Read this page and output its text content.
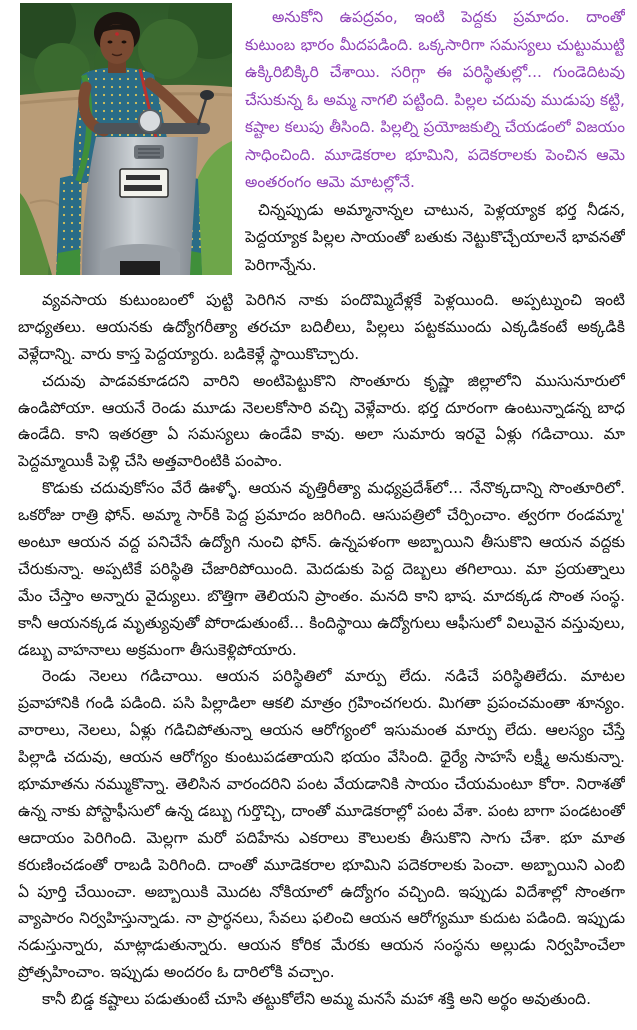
అనుకోని ఉపద్రవం, ఇంటి పెద్దకు ప్రమాదం. దాంతో
కుటుంబ భారం మీదపడింది. ఒక్కసారిగా సమస్యలు చుట్టుముట్టి
ఉక్కిరిబిక్కిరి చేశాయి. సరిగ్గా ఈ పరిస్థితుల్లో... గుండెదిటవు
చేసుకున్న ఓ అమ్మ నాగలి పట్టింది. పిల్లల చదువు ముడుపు కట్టి,
కష్టాల కలుపు తీసింది. పిల్లల్ని ప్రయోజకుల్ని చేయడంలో విజయం
సాధించింది. మూడెకరాల భూమిని, పదెకరాలకు పెంచిన ఆమె
అంతరంగం ఆమె మాటల్లోనే.
చిన్నప్పుడు అమ్మానాన్నల చాటున, పెళ్లయ్యాక భర్త నీడన,
పెద్దయ్యాక పిల్లల సాయంతో బతుకు నెట్టుకొచ్చేయాలనే భావనతో
పెరిగాన్నేను.
వ్యవసాయ కుటుంబంలో పుట్టి పెరిగిన నాకు పందొమ్మిదేళ్లకే పెళ్లయింది. అప్పట్నుంచి ఇంటి
బాధ్యతలు. ఆయనకు ఉద్యోగరీత్యా తరచూ బదిలీలు, పిల్లలు పట్టకముందు ఎక్కడికంటే అక్కడికి
వెళ్లేదాన్ని. వారు కాస్త పెద్దయ్యారు. బడికెళ్లే స్థాయికొచ్చారు.
చదువు పాడవకూడదని వారిని అంటిపెట్టుకొని సొంతూరు కృష్ణా జిల్లాలోని ముసునూరులో
ఉండిపోయా. ఆయనే రెండు మూడు నెలలకోసారి వచ్చి వెళ్లేవారు. భర్త దూరంగా ఉంటున్నాడన్న బాధ
ఉండేది. కాని ఇతరత్రా ఏ సమస్యలు ఉండేవి కావు. అలా సుమారు ఇరవై ఏళ్లు గడిచాయి. మా
పెద్దమ్మాయికీ పెళ్లి చేసి అత్తవారింటికి పంపాం.
కొడుకు చదువుకోసం వేరే ఊళ్ళో. ఆయన వృత్తిరీత్యా మధ్యప్రదేశ్‌లో... నేనొక్కదాన్ని సొంతూరిలో.
ఒకరోజు రాత్రి ఫోన్. అమ్మా సార్‌కి పెద్ద ప్రమాదం జరిగింది. ఆసుపత్రిలో చేర్పించాం. త్వరగా రండమ్మా'
అంటూ ఆయన వద్ద పనిచేసే ఉద్యోగి నుంచి ఫోన్. ఉన్నపళంగా అబ్బాయిని తీసుకొని ఆయన వద్దకు
చేరుకున్నా. అప్పటికే పరిస్థితి చేజారిపోయింది. మెదడుకు పెద్ద దెబ్బలు తగిలాయి. మా ప్రయత్నాలు
మేం చేస్తాం అన్నారు వైద్యులు. బొత్తిగా తెలియని ప్రాంతం. మనది కాని భాష. మాదక్కడ సొంత సంస్థ.
కానీ ఆయనక్కడ మృత్యువుతో పోరాడుతుంటే... కిందిస్థాయి ఉద్యోగులు ఆఫీసులో విలువైన వస్తువులు,
డబ్బు వాహనాలు అక్రమంగా తీసుకెళ్లిపోయారు.
రెండు నెలలు గడిచాయి. ఆయన పరిస్థితిలో మార్పు లేదు. నడిచే పరిస్థితిలేదు. మాటల
ప్రవాహానికి గండి పడింది. పసి పిల్లాడిలా ఆకలి మాత్రం గ్రహించగలరు. మిగతా ప్రపంచమంతా శూన్యం.
వారాలు, నెలలు, ఏళ్లు గడిచిపోతున్నా ఆయన ఆరోగ్యంలో ఇసుమంత మార్పు లేదు. ఆలస్యం చేస్తే
పిల్లాడి చదువు, ఆయన ఆరోగ్యం కుంటుపడతాయని భయం వేసింది. ధైర్యే సాహసే లక్ష్మీ అనుకున్నా.
భూమాతను నమ్ముకొన్నా. తెలిసిన వారందరిని పంట వేయడానికి సాయం చేయమంటూ కోరా. నిరాశతో
ఉన్న నాకు పోస్టాఫీసులో ఉన్న డబ్బు గుర్తొచ్చి, దాంతో మూడెకరాల్లో పంట వేశా. పంట బాగా పండటంతో
ఆదాయం పెరిగింది. మెల్లగా మరో పదిహేను ఎకరాలు కౌలులకు తీసుకొని సాగు చేశా. భూ మాత
కరుణించడంతో రాబడి పెరిగింది. దాంతో మూడెకరాల భూమిని పదెకరాలకు పెంచా. అబ్బాయిని ఎంబి
ఏ పూర్తి చేయించా. అబ్బాయికి మొదట నోకియాలో ఉద్యోగం వచ్చింది. ఇప్పుడు విదేశాల్లో సొంతగా
వ్యాపారం నిర్వహిస్తున్నాడు. నా ప్రార్థనలు, సేవలు ఫలించి ఆయన ఆరోగ్యమూ కుదుట పడింది. ఇప్పుడు
నడుస్తున్నారు, మాట్లాడుతున్నారు. ఆయన కోరిక మేరకు ఆయన సంస్థను అల్లుడు నిర్వహించేలా
ప్రోత్సహించాం. ఇప్పుడు అందరం ఓ దారిలోకి వచ్చాం.
కానీ బిడ్డ కష్టాలు పడుతుంటే చూసి తట్టుకోలేని అమ్మ మనసే మహా శక్తి అని అర్థం అవుతుంది.
